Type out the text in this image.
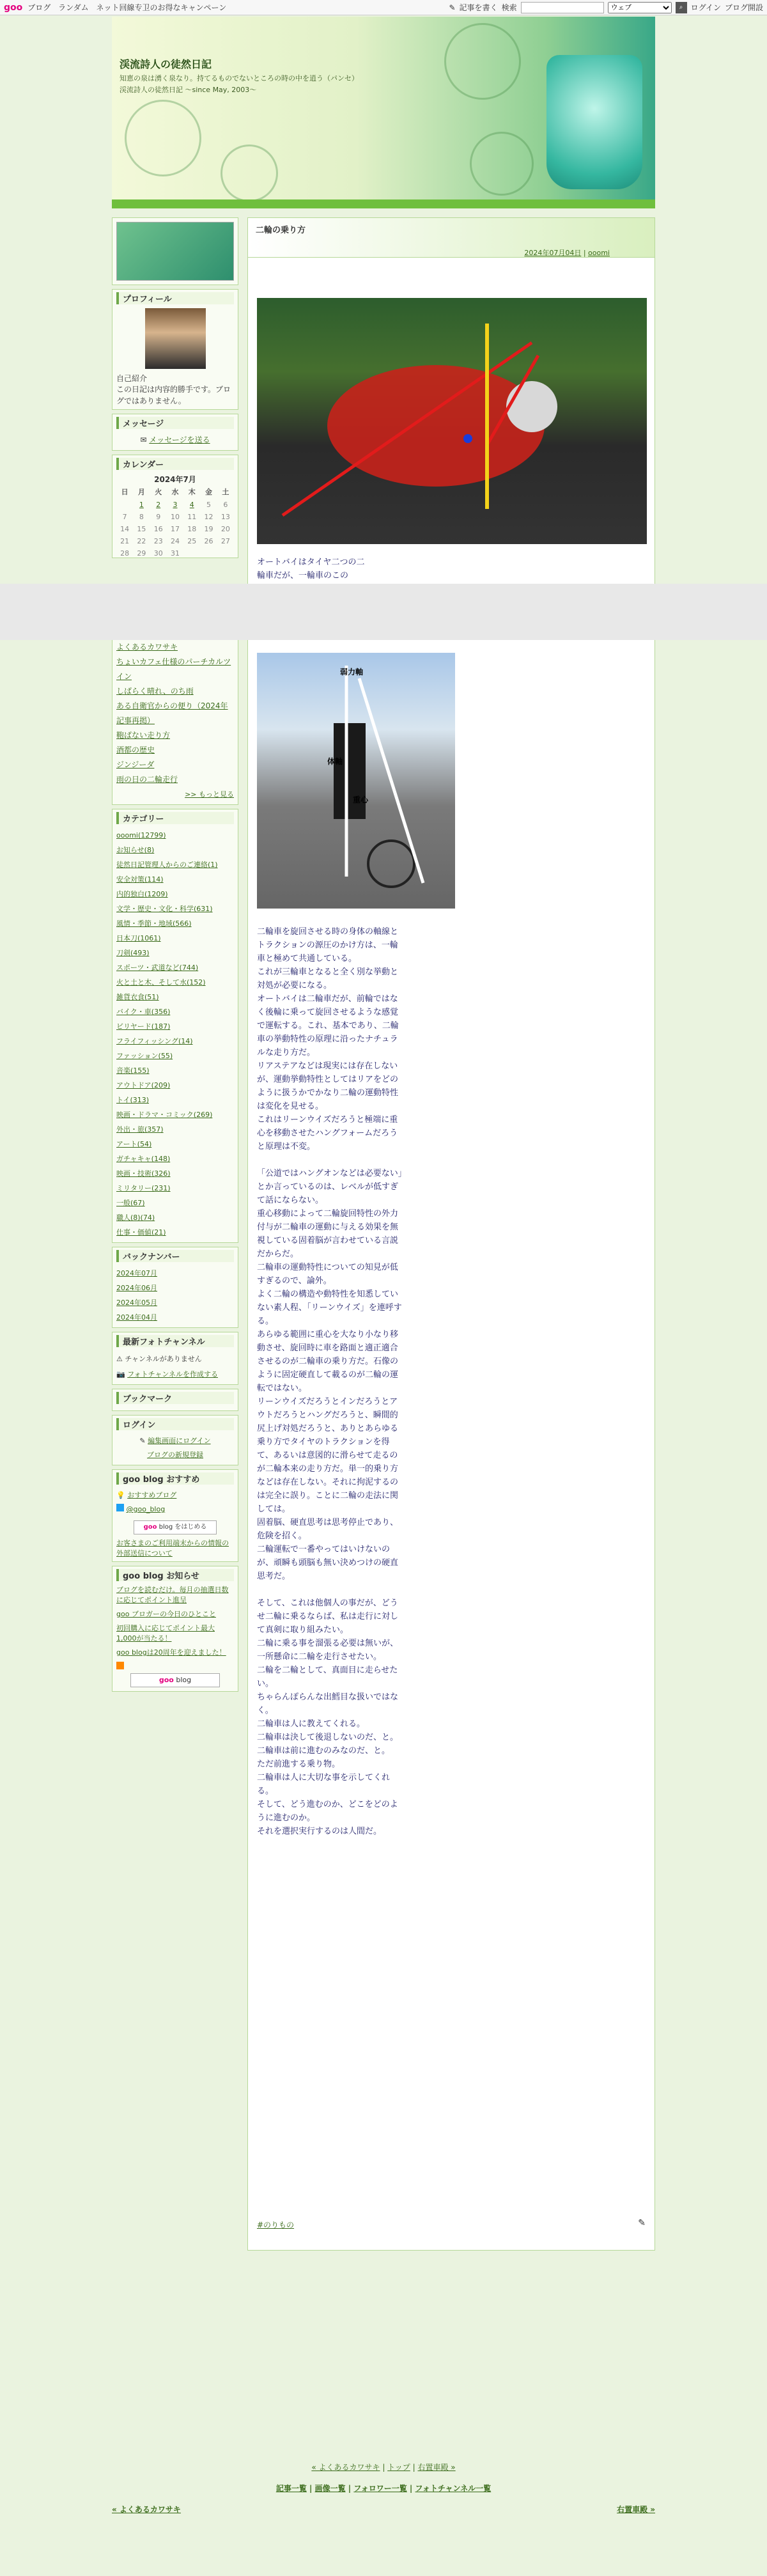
goo ブログ ランダム ネット回線专卫のお得なキャンペーン	✎ 記事を書く 検索
ウェブ	⌕	ログイン ブログ開設
渓流詩人の徒然日記

知恵の泉は湧く泉なり。持てるものでないところの時の中を逍う（パンセ） 渓流詩人の徒然日記 〜since May, 2003〜

プロフィール
自己紹介
この日記は内容的勝手です。ブログではありません。
メッセージ
✉ メッセージを送る
カレンダー
2024年7月
日	月	火	水	木	金	土
	1	2	3	4	5	6
7	8	9	10	11	12	13
14	15	16	17	18	19	20
21	22	23	24	25	26	27
28	29	30	31			
よくあるカワサキ
ちょいカフェ仕様のパーチカルツイン
しばらく晴れ、のち雨
ある自衛官からの便り（2024年記事再掲）
鞄ばない走り方
酒都の歴史
ジンジーダ
雨の日の二輪走行
>> もっと見る
カテゴリー
ooomi(12799)
お知らせ(8)
徒然日記管理人からのご連絡(1)
安全対策(114)
内的独白(1209)
文学・歴史・文化・科学(631)
風情・季節・地域(566)
日本刀(1061)
刀剣(493)
スポーツ・武道など(744)
火と土と木、そして水(152)
雑貨衣食(51)
バイク・車(356)
ビリヤード(187)
フライフィッシング(14)
ファッション(55)
音楽(155)
アウトドア(209)
トイ(313)
映画・ドラマ・コミック(269)
外出・旅(357)
アート(54)
ガチャキャ(148)
映画・技術(326)
ミリタリー(231)
一般(67)
職人(8)(74)
仕事・価値(21)
バックナンバー
2024年07月
2024年06月
2024年05月
2024年04月
最新フォトチャンネル
⚠ チャンネルがありません
📷 フォトチャンネルを作成する
ブックマーク
ログイン
✎ 編集画面にログイン
ブログの新規登録
goo blog おすすめ
💡 おすすめブログ
@goo_blog
goo blog をはじめる
お客さまのご利用端末からの情報の外部送信について
goo blog お知らせ
ブログを読むだけ。毎月の抽選日数に応じてポイント進呈
goo ブロガーの今日のひとこと
初回購入に応じてポイント最大1,000が当たる！
goo blogは20周年を迎えました！
goo blog
二輪の乗り方
2024年07月04日 | ooomi

オートバイはタイヤ二つの二輪車だが、一輪車のこの

弱力軸
体軸
重心

二輪車を旋回させる時の身体の軸線とトラクションの源圧のかけ方は、一輪車と極めて共通している。

これが三輪車となると全く別な挙動と対処が必要になる。

オートバイは二輪車だが、前輪ではなく後輪に乗って旋回させるような感覚で運転する。これ、基本であり、二輪車の挙動特性の原理に沿ったナチュラルな走り方だ。

リアステアなどは現実には存在しないが、運動挙動特性としてはリアをどのように扱うかでかなり二輪の運動特性は変化を見せる。

これはリーンウイズだろうと極端に重心を移動させたハングフォームだろうと原理は不変。

「公道ではハングオンなどは必要ない」とか言っているのは、レベルが低すぎて話にならない。

重心移動によって二輪旋回特性の外力付与が二輪車の運動に与える効果を無視している固着脳が言わせている言説だからだ。

二輪車の運動特性についての知見が低すぎるので、論外。

よく二輪の構造や動特性を知悉していない素人程、「リーンウイズ」を連呼する。

あらゆる範囲に重心を大なり小なり移動させ、旋回時に車を路面と適正適合させるのが二輪車の乗り方だ。石像のように固定硬直して載るのが二輪の運転ではない。

リーンウイズだろうとインだろうとアウトだろうとハングだろうと、瞬間的尻上げ対処だろうと、ありとあらゆる乗り方でタイヤのトラクションを得て、あるいは意図的に滑らせて走るのが二輪本来の走り方だ。単一的乗り方などは存在しない。それに拘泥するのは完全に誤り。ことに二輪の走法に関しては。

固着脳、硬直思考は思考停止であり、危険を招く。

二輪運転で一番やってはいけないのが、頑瞬も頭脳も無い決めつけの硬直思考だ。

そして、これは他個人の事だが、どうせ二輪に乗るならば、私は走行に対して真剣に取り組みたい。

二輪に乗る事を溜張る必要は無いが、一所懸命に二輪を走行させたい。

二輪を二輪として、真面目に走らせたい。

ちゃらんぽらんな出鱈目な扱いではなく。

二輪車は人に教えてくれる。

二輪車は決して後退しないのだ、と。

二輪車は前に進むのみなのだ、と。

ただ前進する乗り物。

二輪車は人に大切な事を示してくれる。

そして、どう進むのか、どこをどのように進むのか。

それを選択実行するのは人間だ。

#のりもの	✎
« よくあるカワサキ | トップ | 右置車殿 »
記事一覧 | 画像一覧 | フォロワー一覧 | フォトチャンネル一覧
« よくあるカワサキ	右置車殿 »
